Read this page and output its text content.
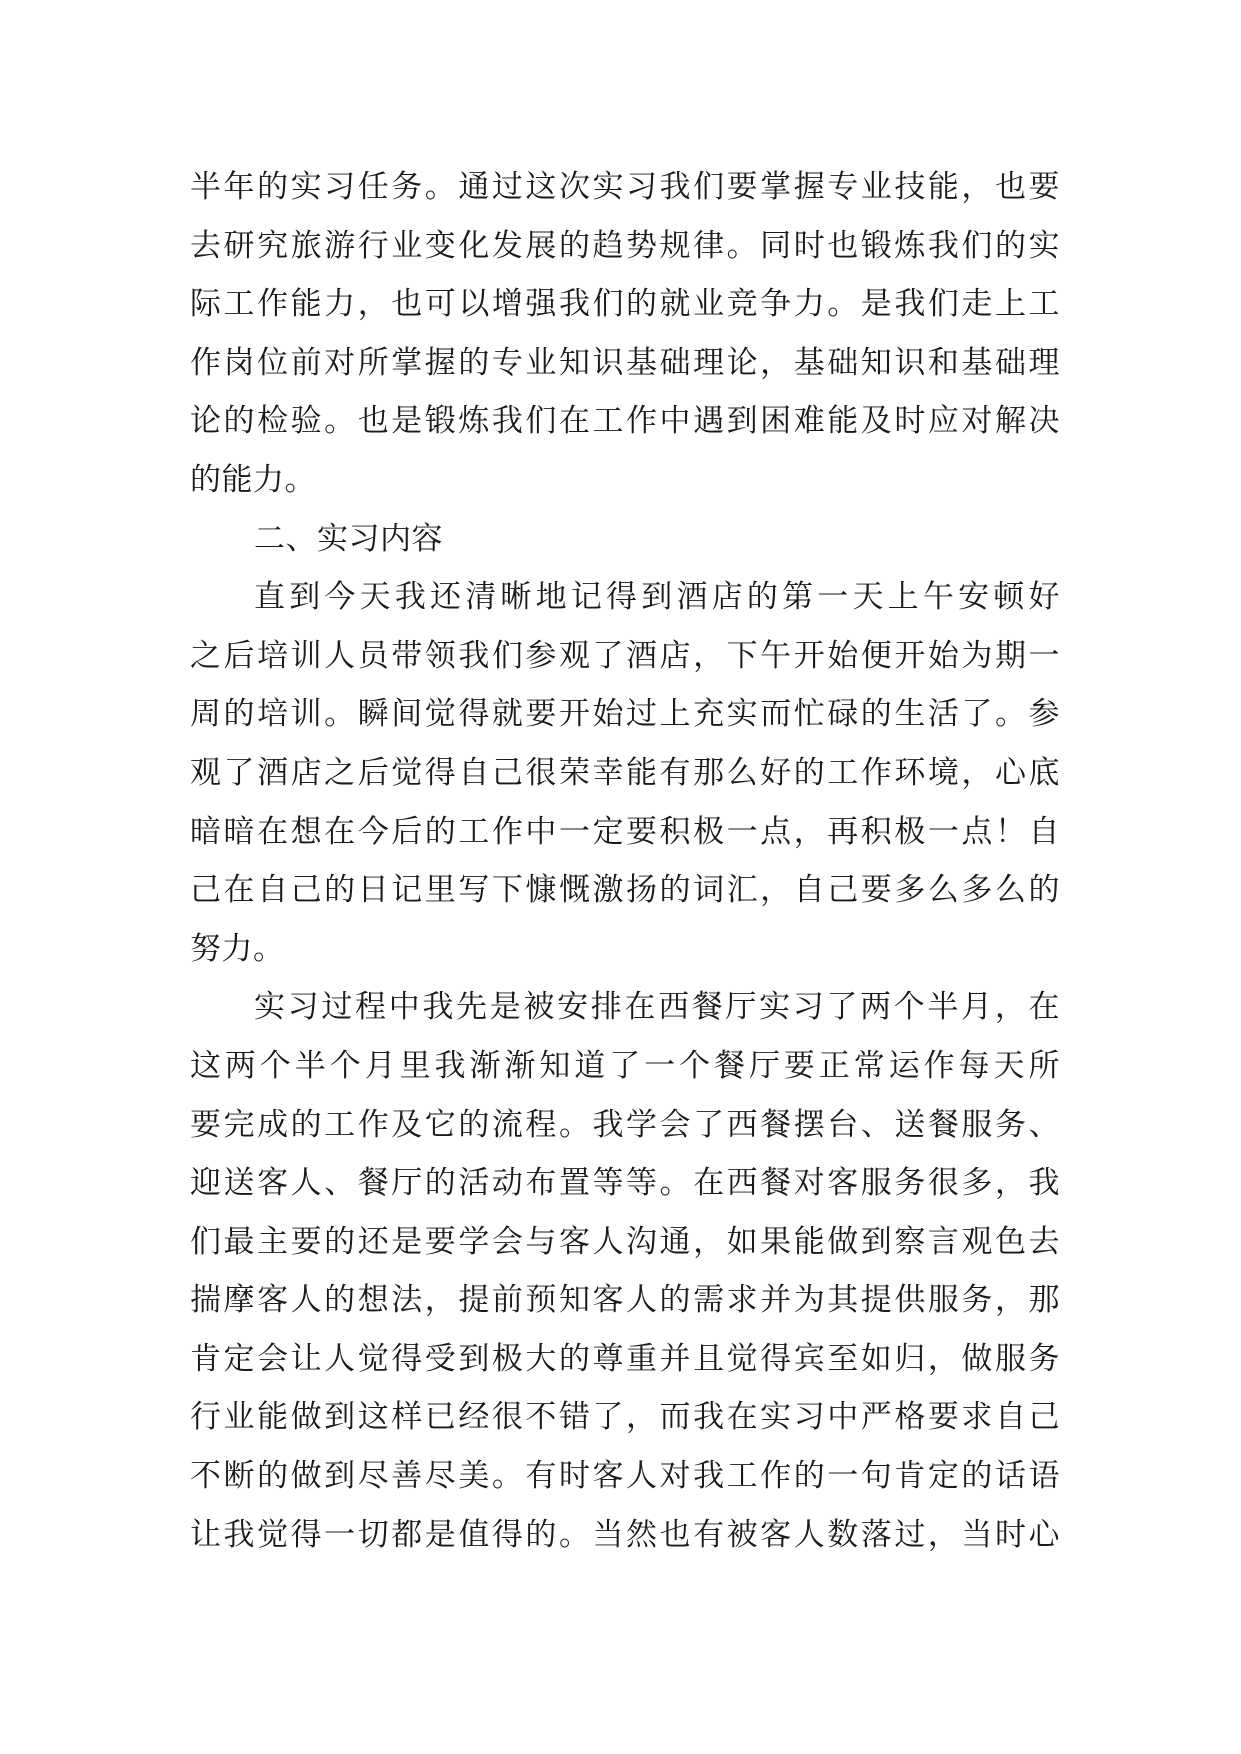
半年的实习任务。通过这次实习我们要掌握专业技能，也要
去研究旅游行业变化发展的趋势规律。同时也锻炼我们的实
际工作能力，也可以增强我们的就业竞争力。是我们走上工
作岗位前对所掌握的专业知识基础理论，基础知识和基础理
论的检验。也是锻炼我们在工作中遇到困难能及时应对解决
的能力。
二、实习内容
直到今天我还清晰地记得到酒店的第一天上午安顿好
之后培训人员带领我们参观了酒店，下午开始便开始为期一
周的培训。瞬间觉得就要开始过上充实而忙碌的生活了。参
观了酒店之后觉得自己很荣幸能有那么好的工作环境，心底
暗暗在想在今后的工作中一定要积极一点，再积极一点！自
己在自己的日记里写下慷慨激扬的词汇，自己要多么多么的
努力。
实习过程中我先是被安排在西餐厅实习了两个半月，在
这两个半个月里我渐渐知道了一个餐厅要正常运作每天所
要完成的工作及它的流程。我学会了西餐摆台、送餐服务、
迎送客人、餐厅的活动布置等等。在西餐对客服务很多，我
们最主要的还是要学会与客人沟通，如果能做到察言观色去
揣摩客人的想法，提前预知客人的需求并为其提供服务，那
肯定会让人觉得受到极大的尊重并且觉得宾至如归，做服务
行业能做到这样已经很不错了，而我在实习中严格要求自己
不断的做到尽善尽美。有时客人对我工作的一句肯定的话语
让我觉得一切都是值得的。当然也有被客人数落过，当时心
